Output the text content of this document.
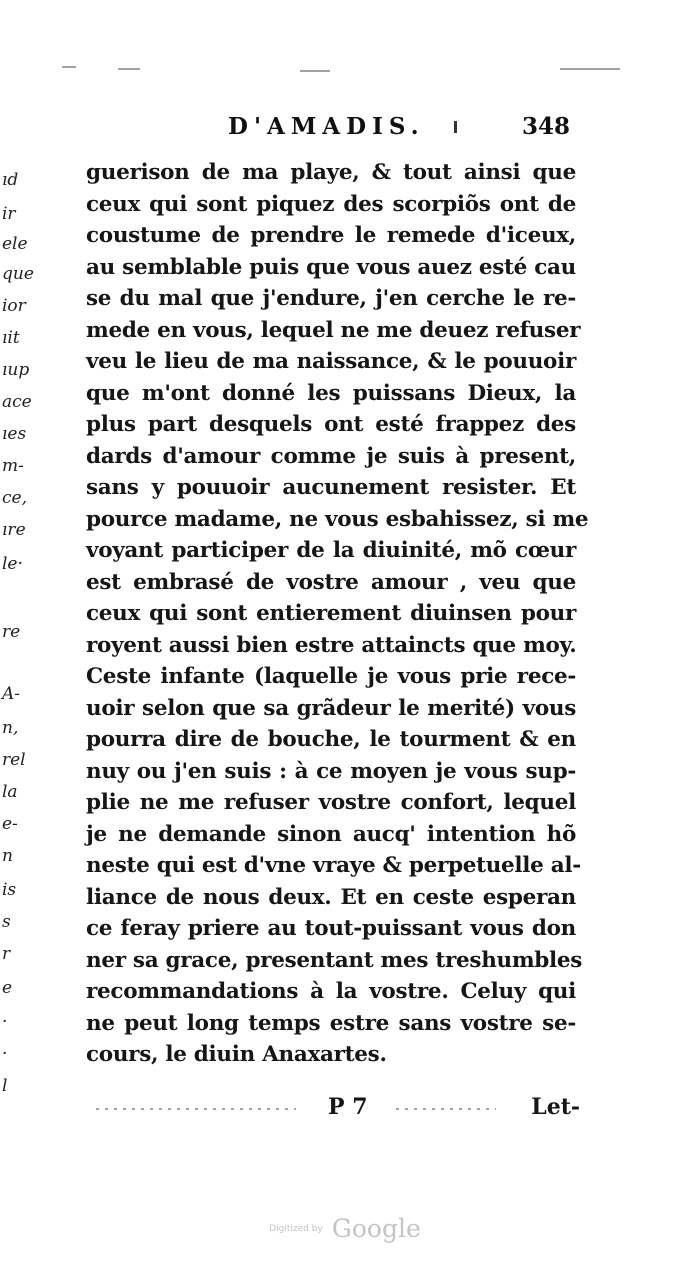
ıd
ir
ele
que
ior
ıit
ıup
ace
ıes
m-
ce,
ıre
le·
re
A-
n,
rel
la
e-
n
is
s
r
e
·
·
l
D'AMADIS.	348
guerison de ma playe, & tout ainsi que
ceux qui sont piquez des scorpiõs ont de
coustume de prendre le remede d'iceux,
au semblable puis que vous auez esté cau
se du mal que j'endure, j'en cerche le re-
mede en vous, lequel ne me deuez refuser
veu le lieu de ma naissance, & le pouuoir
que m'ont donné les puissans Dieux, la
plus part desquels ont esté frappez des
dards d'amour comme je suis à present,
sans y pouuoir aucunement resister. Et
pource madame, ne vous esbahissez, si me
voyant participer de la diuinité, mõ cœur
est embrasé de vostre amour , veu que
ceux qui sont entierement diuinsen pour
royent aussi bien estre attaincts que moy.
Ceste infante (laquelle je vous prie rece-
uoir selon que sa grãdeur le merité) vous
pourra dire de bouche, le tourment & en
nuy ou j'en suis : à ce moyen je vous sup-
plie ne me refuser vostre confort, lequel
je ne demande sinon aucq' intention hõ
neste qui est d'vne vraye & perpetuelle al-
liance de nous deux. Et en ceste esperan
ce feray priere au tout-puissant vous don
ner sa grace, presentant mes treshumbles
recommandations à la vostre. Celuy qui
ne peut long temps estre sans vostre se-
cours, le diuin Anaxartes.
P 7	Let-
Digitized by Google
